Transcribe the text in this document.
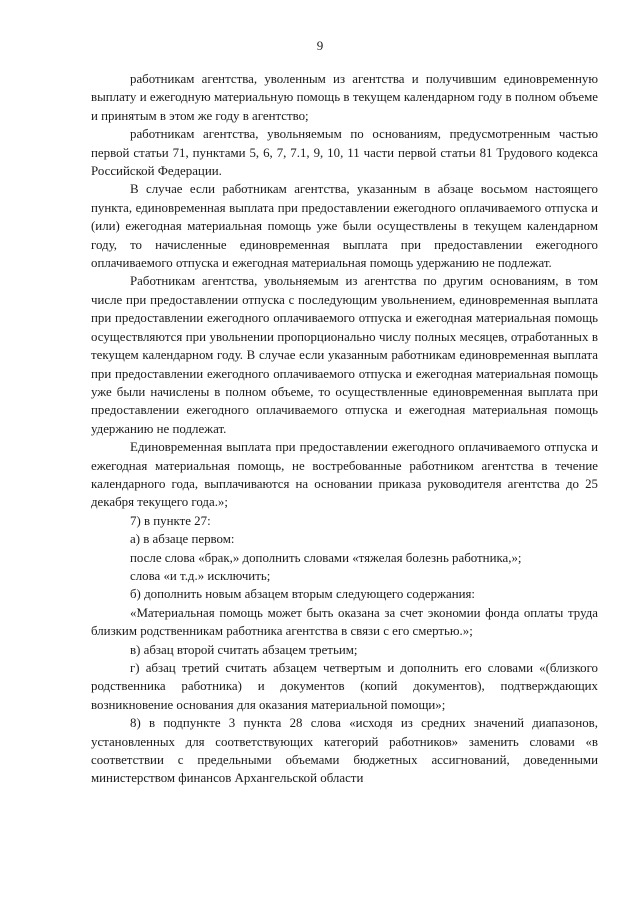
9

работникам агентства, уволенным из агентства и получившим единовременную выплату и ежегодную материальную помощь в текущем календарном году в полном объеме и принятым в этом же году в агентство;

работникам агентства, увольняемым по основаниям, предусмотренным частью первой статьи 71, пунктами 5, 6, 7, 7.1, 9, 10, 11 части первой статьи 81 Трудового кодекса Российской Федерации.

В случае если работникам агентства, указанным в абзаце восьмом настоящего пункта, единовременная выплата при предоставлении ежегодного оплачиваемого отпуска и (или) ежегодная материальная помощь уже были осуществлены в текущем календарном году, то начисленные единовременная выплата при предоставлении ежегодного оплачиваемого отпуска и ежегодная материальная помощь удержанию не подлежат.

Работникам агентства, увольняемым из агентства по другим основаниям, в том числе при предоставлении отпуска с последующим увольнением, единовременная выплата при предоставлении ежегодного оплачиваемого отпуска и ежегодная материальная помощь осуществляются при увольнении пропорционально числу полных месяцев, отработанных в текущем календарном году. В случае если указанным работникам единовременная выплата при предоставлении ежегодного оплачиваемого отпуска и ежегодная материальная помощь уже были начислены в полном объеме, то осуществленные единовременная выплата при предоставлении ежегодного оплачиваемого отпуска и ежегодная материальная помощь удержанию не подлежат.

Единовременная выплата при предоставлении ежегодного оплачиваемого отпуска и ежегодная материальная помощь, не востребованные работником агентства в течение календарного года, выплачиваются на основании приказа руководителя агентства до 25 декабря текущего года.»;

7) в пункте 27:

а) в абзаце первом:

после слова «брак,» дополнить словами «тяжелая болезнь работника,»;

слова «и т.д.» исключить;

б) дополнить новым абзацем вторым следующего содержания:

«Материальная помощь может быть оказана за счет экономии фонда оплаты труда близким родственникам работника агентства в связи с его смертью.»;

в) абзац второй считать абзацем третьим;

г) абзац третий считать абзацем четвертым и дополнить его словами «(близкого родственника работника) и документов (копий документов), подтверждающих возникновение основания для оказания материальной помощи»;

8) в подпункте 3 пункта 28 слова «исходя из средних значений диапазонов, установленных для соответствующих категорий работников» заменить словами «в соответствии с предельными объемами бюджетных ассигнований, доведенными министерством финансов Архангельской области
